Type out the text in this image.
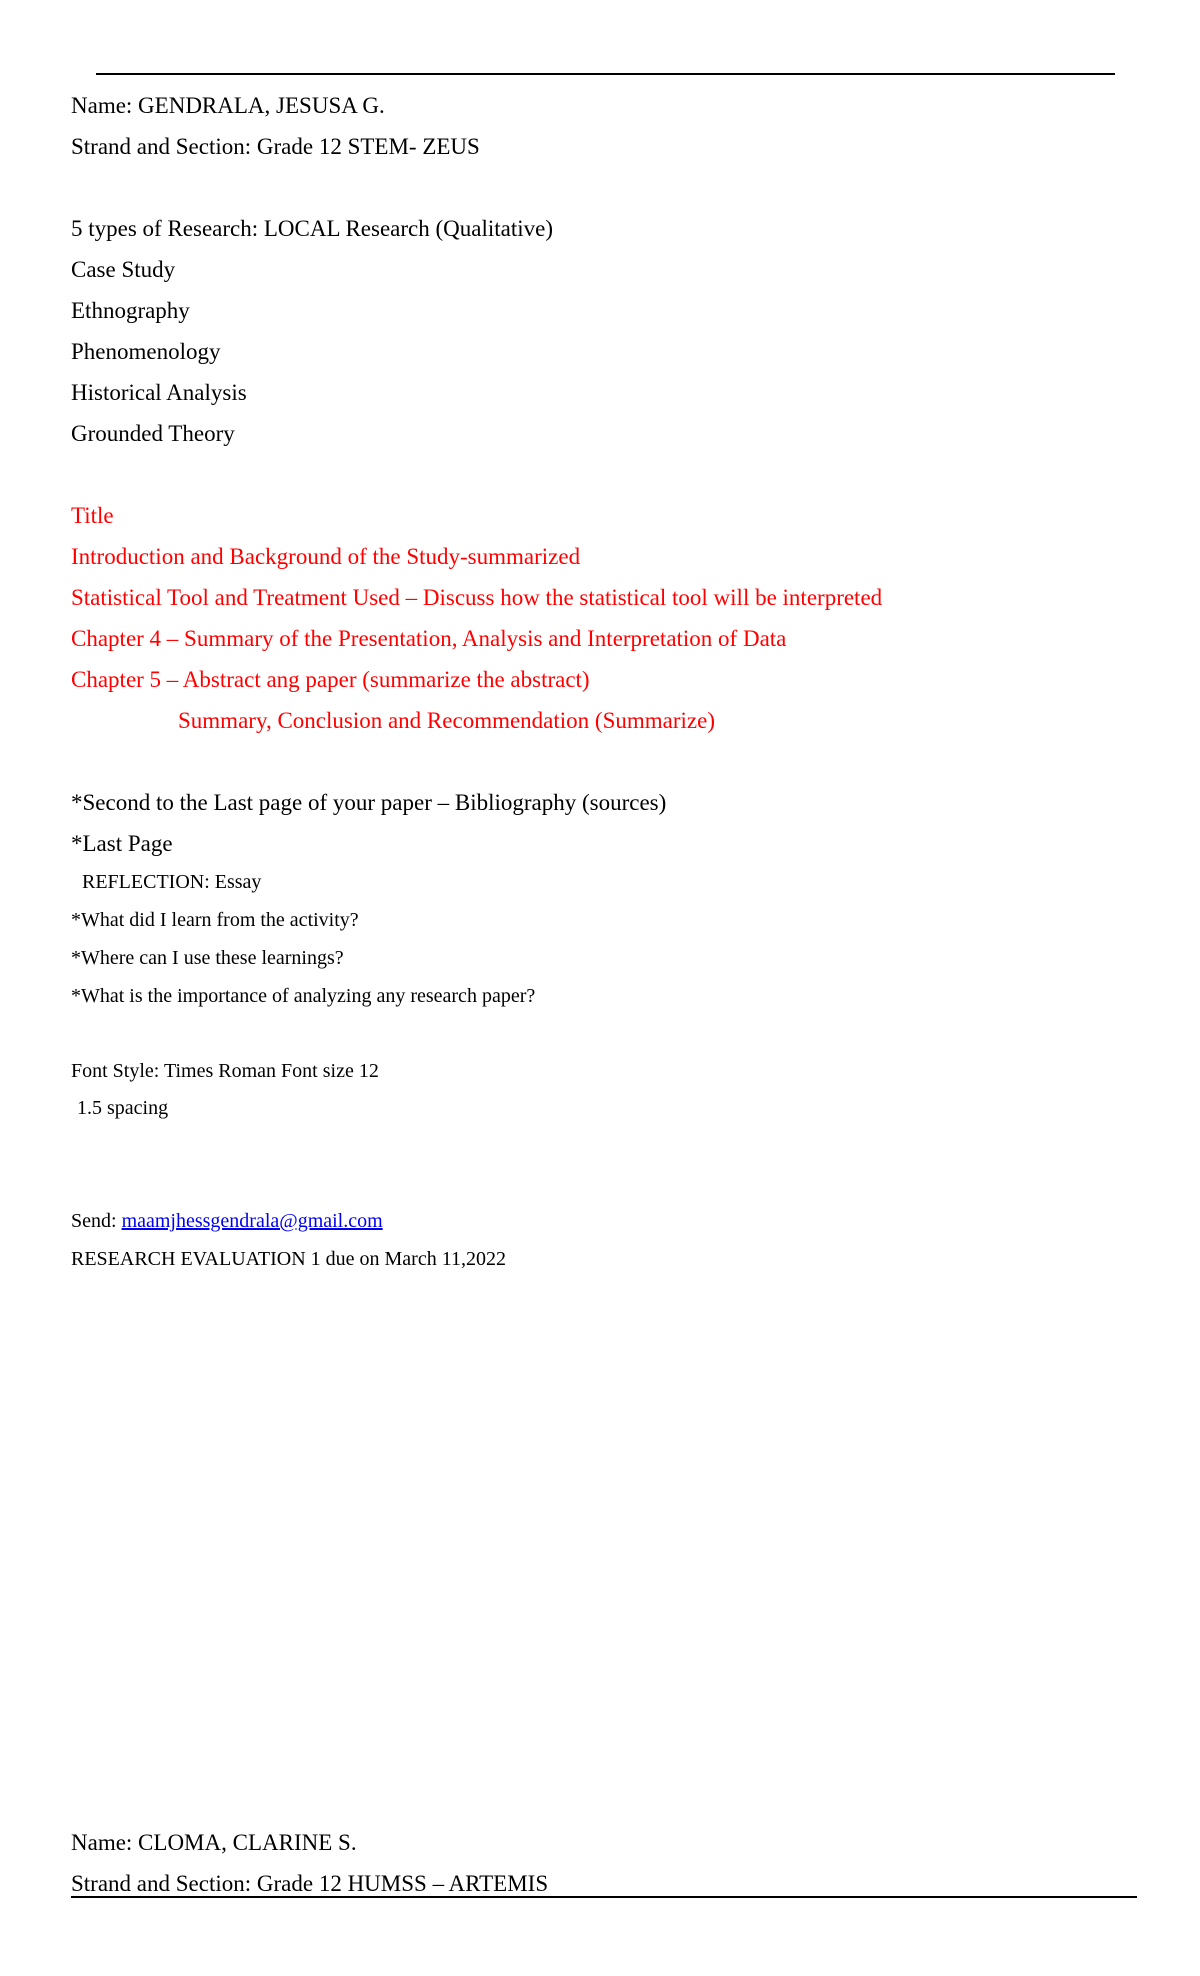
Name: GENDRALA, JESUSA G.
Strand and Section: Grade 12 STEM- ZEUS
5 types of Research: LOCAL Research (Qualitative)
Case Study
Ethnography
Phenomenology
Historical Analysis
Grounded Theory
Title
Introduction and Background of the Study-summarized
Statistical Tool and Treatment Used – Discuss how the statistical tool will be interpreted
Chapter 4 – Summary of the Presentation, Analysis and Interpretation of Data
Chapter 5 – Abstract ang paper (summarize the abstract)
Summary, Conclusion and Recommendation (Summarize)
*Second to the Last page of your paper – Bibliography (sources)
*Last Page
REFLECTION: Essay
*What did I learn from the activity?
*Where can I use these learnings?
*What is the importance of analyzing any research paper?
Font Style: Times Roman Font size 12
1.5 spacing
Send: maamjhessgendrala@gmail.com
RESEARCH EVALUATION 1 due on March 11,2022
Name: CLOMA, CLARINE S.
Strand and Section: Grade 12 HUMSS – ARTEMIS
